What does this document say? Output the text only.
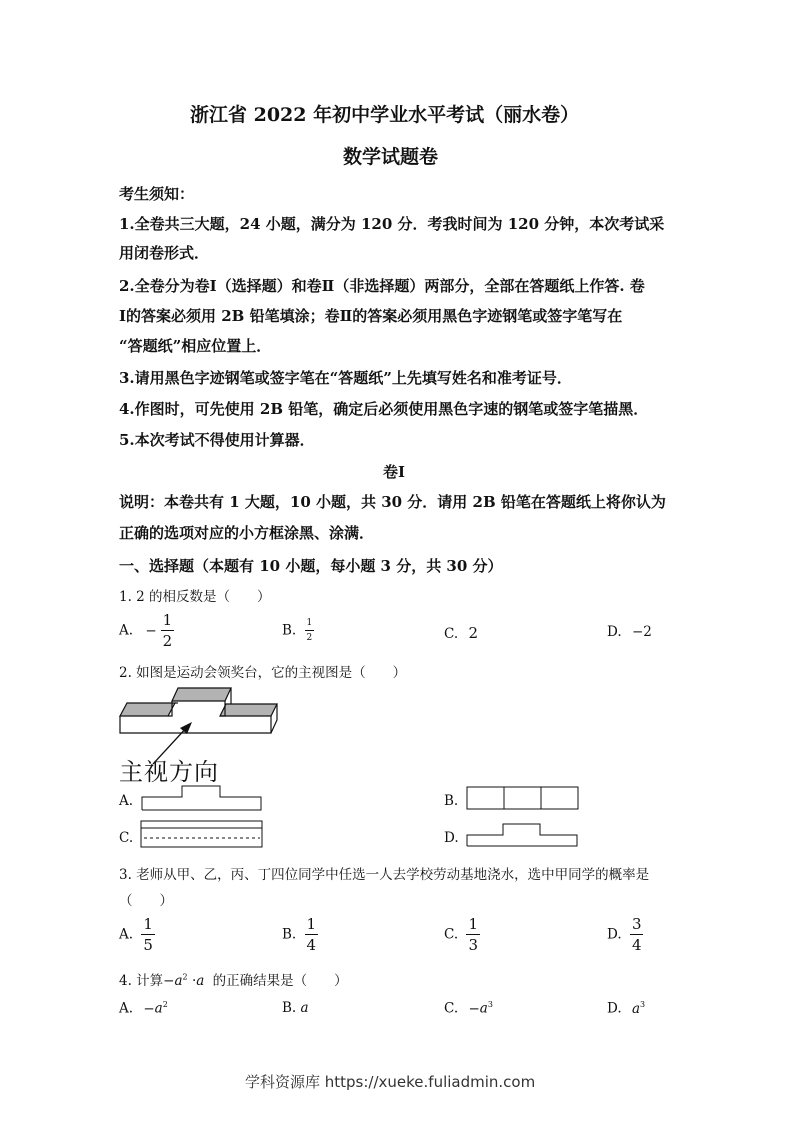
浙江省 2022 年初中学业水平考试（丽水卷）
数学试题卷
考生须知：
1.全卷共三大题，24 小题，满分为 120 分．考我时间为 120 分钟，本次考试采
用闭卷形式．
2.全卷分为卷Ⅰ（选择题）和卷Ⅱ（非选择题）两部分，全部在答题纸上作答. 卷
Ⅰ的答案必须用 2B 铅笔填涂；卷Ⅱ的答案必须用黑色字迹钢笔或签字笔写在
“答题纸”相应位置上．
3.请用黑色字迹钢笔或签字笔在“答题纸”上先填写姓名和准考证号．
4.作图时，可先使用 2B 铅笔，确定后必须使用黑色字速的钢笔或签字笔描黑．
5.本次考试不得使用计算器．
卷Ⅰ
说明：本卷共有 1 大题，10 小题，共 30 分．请用 2B 铅笔在答题纸上将你认为
正确的选项对应的小方框涂黑、涂满．
一、选择题（本题有 10 小题，每小题 3 分，共 30 分）
1. 2 的相反数是（　　）
A. − $\frac{1}{2}$	B. $\frac{1}{2}$	C. 2	D. −2
2. 如图是运动会领奖台，它的主视图是（　　）
主视方向
A.	B.
C.	D.
3. 老师从甲、乙，丙、丁四位同学中任选一人去学校劳动基地浇水，选中甲同学的概率是
（　　）
A. $\frac{1}{5}$	B. $\frac{1}{4}$	C. $\frac{1}{3}$	D. $\frac{3}{4}$
4. 计算$-a^2 \cdot a$ 的正确结果是（　　）
A. $-a^2$	B. a	C. $-a^3$	D. $a^3$
学科资源库 https://xueke.fuliadmin.com
